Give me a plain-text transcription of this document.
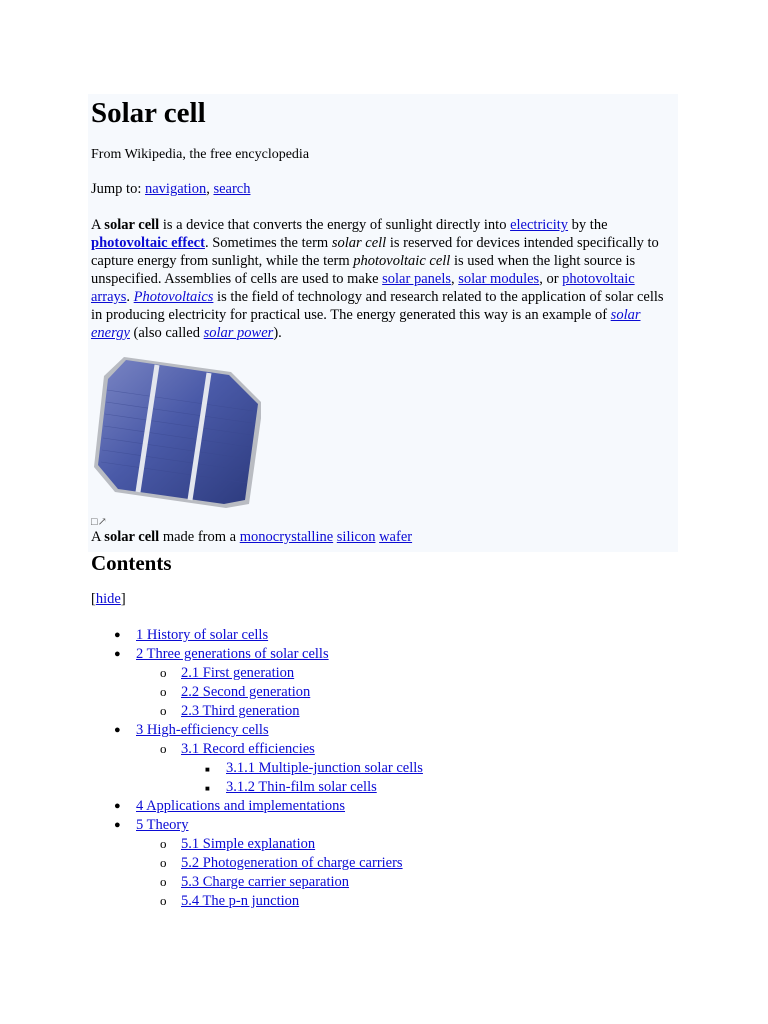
Solar cell
From Wikipedia, the free encyclopedia
Jump to: navigation, search
A solar cell is a device that converts the energy of sunlight directly into electricity by the photovoltaic effect. Sometimes the term solar cell is reserved for devices intended specifically to capture energy from sunlight, while the term photovoltaic cell is used when the light source is unspecified. Assemblies of cells are used to make solar panels, solar modules, or photovoltaic arrays. Photovoltaics is the field of technology and research related to the application of solar cells in producing electricity for practical use. The energy generated this way is an example of solar energy (also called solar power).
□↗
A solar cell made from a monocrystalline silicon wafer
Contents
[hide]
● 1 History of solar cells
● 2 Three generations of solar cells
o 2.1 First generation
o 2.2 Second generation
o 2.3 Third generation
● 3 High-efficiency cells
o 3.1 Record efficiencies
■ 3.1.1 Multiple-junction solar cells
■ 3.1.2 Thin-film solar cells
● 4 Applications and implementations
● 5 Theory
o 5.1 Simple explanation
o 5.2 Photogeneration of charge carriers
o 5.3 Charge carrier separation
o 5.4 The p-n junction
